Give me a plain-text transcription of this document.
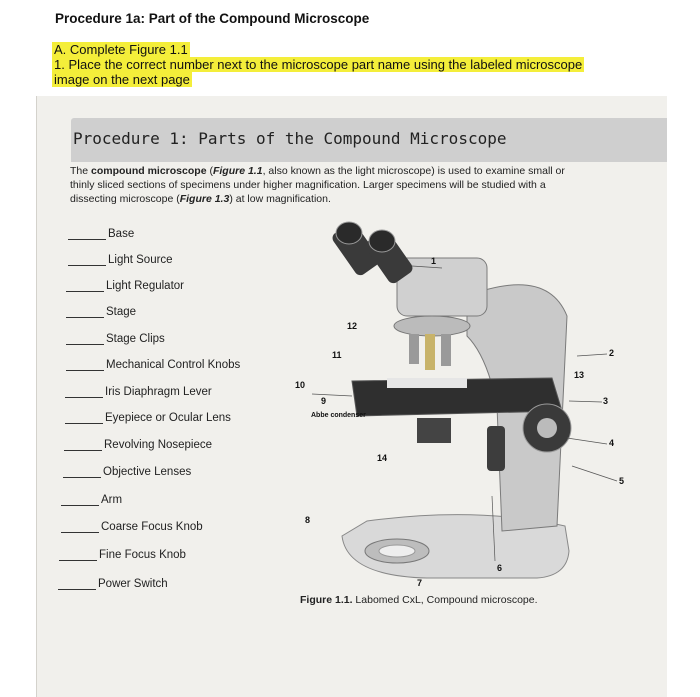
Procedure 1a: Part of the Compound Microscope
A. Complete Figure 1.1
1. Place the correct number next to the microscope part name using the labeled microscope
image on the next page
Procedure 1: Parts of the Compound Microscope
The compound microscope (Figure 1.1, also known as the light microscope) is used to examine small or thinly sliced sections of specimens under higher magnification. Larger specimens will be studied with a dissecting microscope (Figure 1.3) at low magnification.
Base
Light Source
Light Regulator
Stage
Stage Clips
Mechanical Control Knobs
Iris Diaphragm Lever
Eyepiece or Ocular Lens
Revolving Nosepiece
Objective Lenses
Arm
Coarse Focus Knob
Fine Focus Knob
Power Switch
1
2
3
4
5
6
7
8
9
10
11
12
13
14
Abbe condenser
Figure 1.1. Labomed CxL, Compound microscope.
